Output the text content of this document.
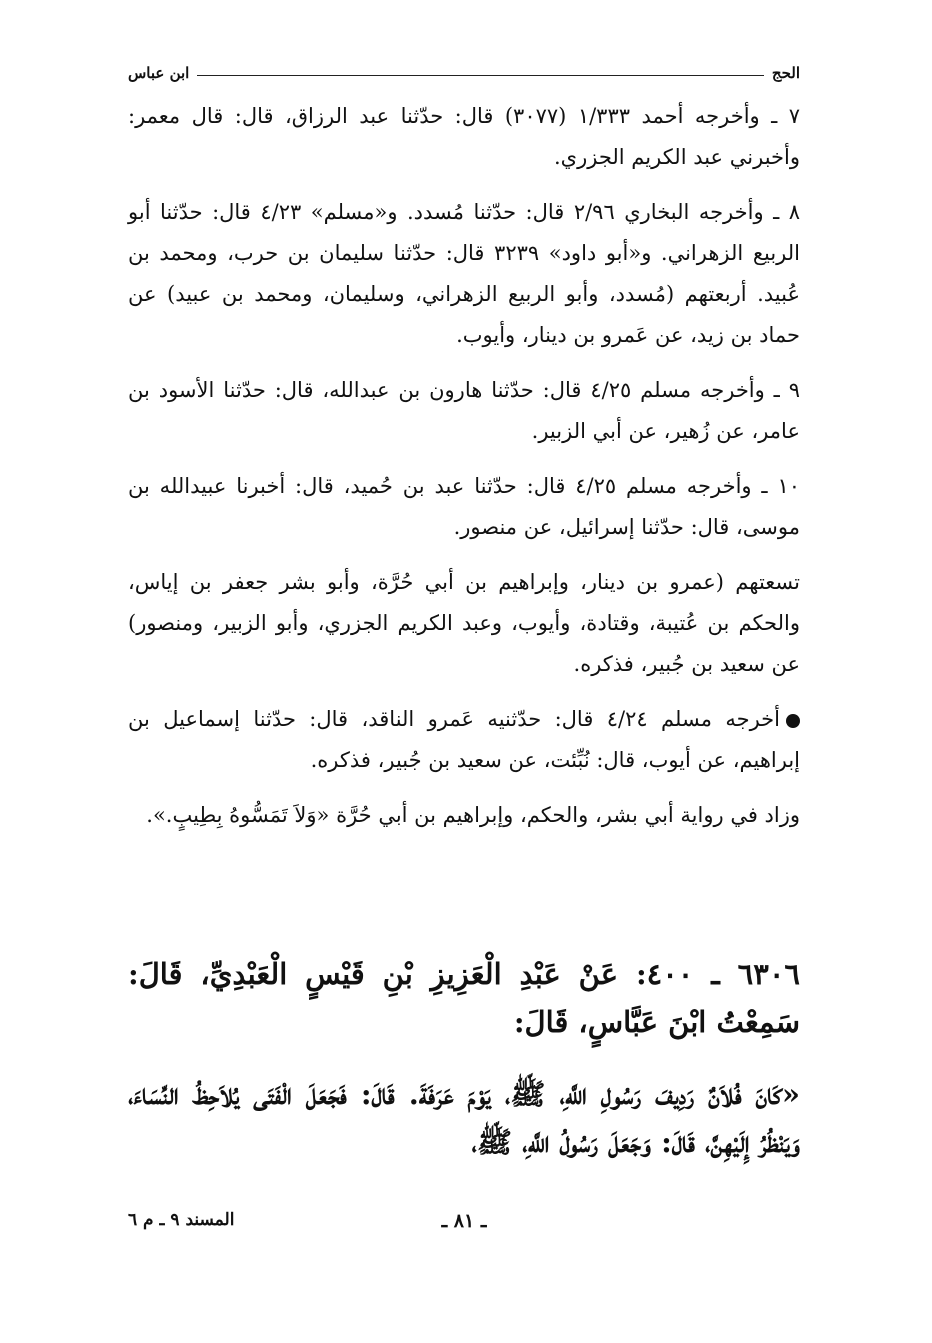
الحج
ابن عباس

٧ ـ وأخرجه أحمد ١/٣٣٣ (٣٠٧٧) قال: حدّثنا عبد الرزاق، قال: قال معمر: وأخبرني عبد الكريم الجزري.

٨ ـ وأخرجه البخاري ٢/٩٦ قال: حدّثنا مُسدد. و«مسلم» ٤/٢٣ قال: حدّثنا أبو الربيع الزهراني. و«أبو داود» ٣٢٣٩ قال: حدّثنا سليمان بن حرب، ومحمد بن عُبيد. أربعتهم (مُسدد، وأبو الربيع الزهراني، وسليمان، ومحمد بن عبيد) عن حماد بن زيد، عن عَمرو بن دينار، وأيوب.

٩ ـ وأخرجه مسلم ٤/٢٥ قال: حدّثنا هارون بن عبدالله، قال: حدّثنا الأسود بن عامر، عن زُهير، عن أبي الزبير.

١٠ ـ وأخرجه مسلم ٤/٢٥ قال: حدّثنا عبد بن حُميد، قال: أخبرنا عبيدالله بن موسى، قال: حدّثنا إسرائيل، عن منصور.

تسعتهم (عمرو بن دينار، وإبراهيم بن أبي حُرَّة، وأبو بشر جعفر بن إياس، والحكم بن عُتيبة، وقتادة، وأيوب، وعبد الكريم الجزري، وأبو الزبير، ومنصور) عن سعيد بن جُبير، فذكره.

أخرجه مسلم ٤/٢٤ قال: حدّثنيه عَمرو الناقد، قال: حدّثنا إسماعيل بن إبراهيم، عن أيوب، قال: نُبِّئت، عن سعيد بن جُبير، فذكره.

وزاد في رواية أبي بشر، والحكم، وإبراهيم بن أبي حُرَّة «وَلاَ تَمَسُّوهُ بِطِيبٍ.».

٦٣٠٦ ـ ٤٠٠: عَنْ عَبْدِ الْعَزِيزِ بْنِ قَيْسٍ الْعَبْدِيِّ، قَالَ: سَمِعْتُ ابْنَ عَبَّاسٍ، قَالَ:

«كَانَ فُلاَنٌ رَدِيفَ رَسُولِ اللَّهِ، ﷺ، يَوْمَ عَرَفَةَ. قَالَ: فَجَعَلَ الْفَتَى يُلاَحِظُ النِّسَاءَ، وَيَنْظُرُ إِلَيْهِنَّ، قَالَ: وَجَعَلَ رَسُولُ اللَّهِ، ﷺ،

ـ ٨١ ـ
المسند ٩ ـ م ٦
